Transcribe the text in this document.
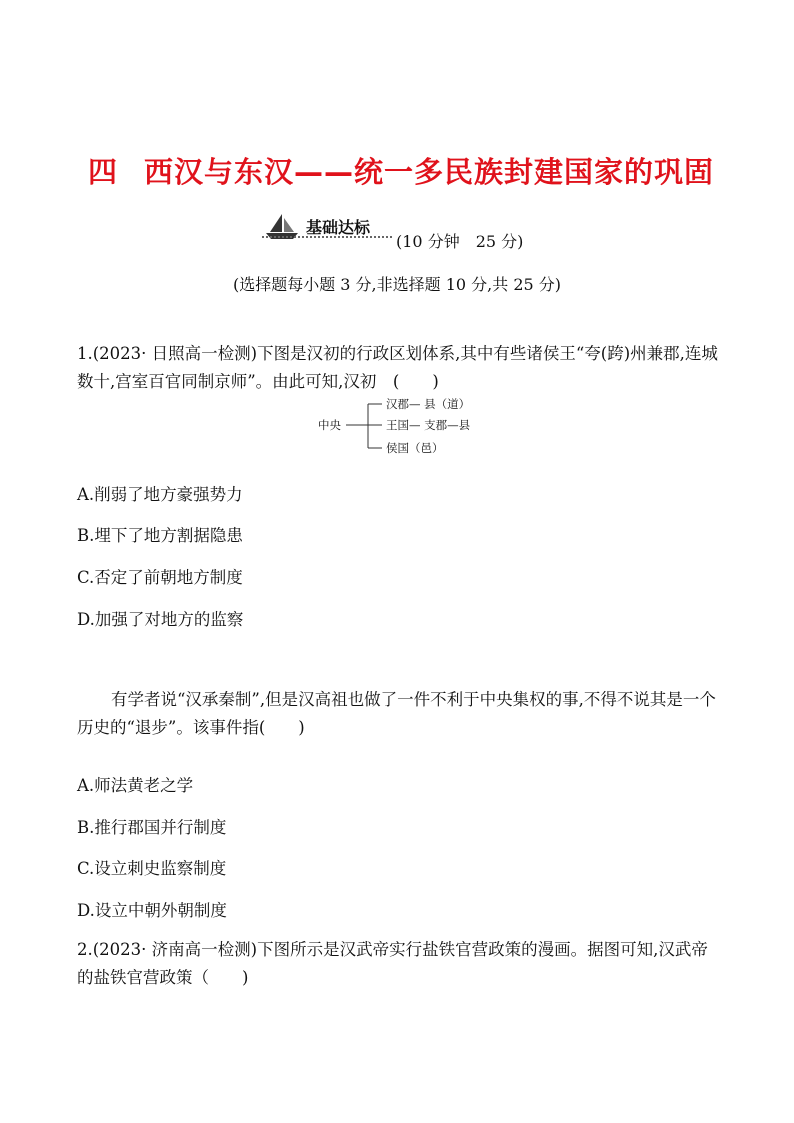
四 西汉与东汉——统一多民族封建国家的巩固
基础达标
(10 分钟　25 分)
(选择题每小题 3 分,非选择题 10 分,共 25 分)

1.(2023· 日照高一检测)下图是汉初的行政区划体系,其中有些诸侯王“夸(跨)州兼郡,连城数十,宫室百官同制京师”。由此可知,汉初　(　　)

中央
汉郡— 县（道）
王国— 支郡—县
侯国（邑）
A.削弱了地方豪强势力
B.埋下了地方割据隐患
C.否定了前朝地方制度
D.加强了对地方的监察

有学者说“汉承秦制”,但是汉高祖也做了一件不利于中央集权的事,不得不说其是一个历史的“退步”。该事件指(　　)

A.师法黄老之学
B.推行郡国并行制度
C.设立刺史监察制度
D.设立中朝外朝制度

2.(2023· 济南高一检测)下图所示是汉武帝实行盐铁官营政策的漫画。据图可知,汉武帝的盐铁官营政策（　　)
